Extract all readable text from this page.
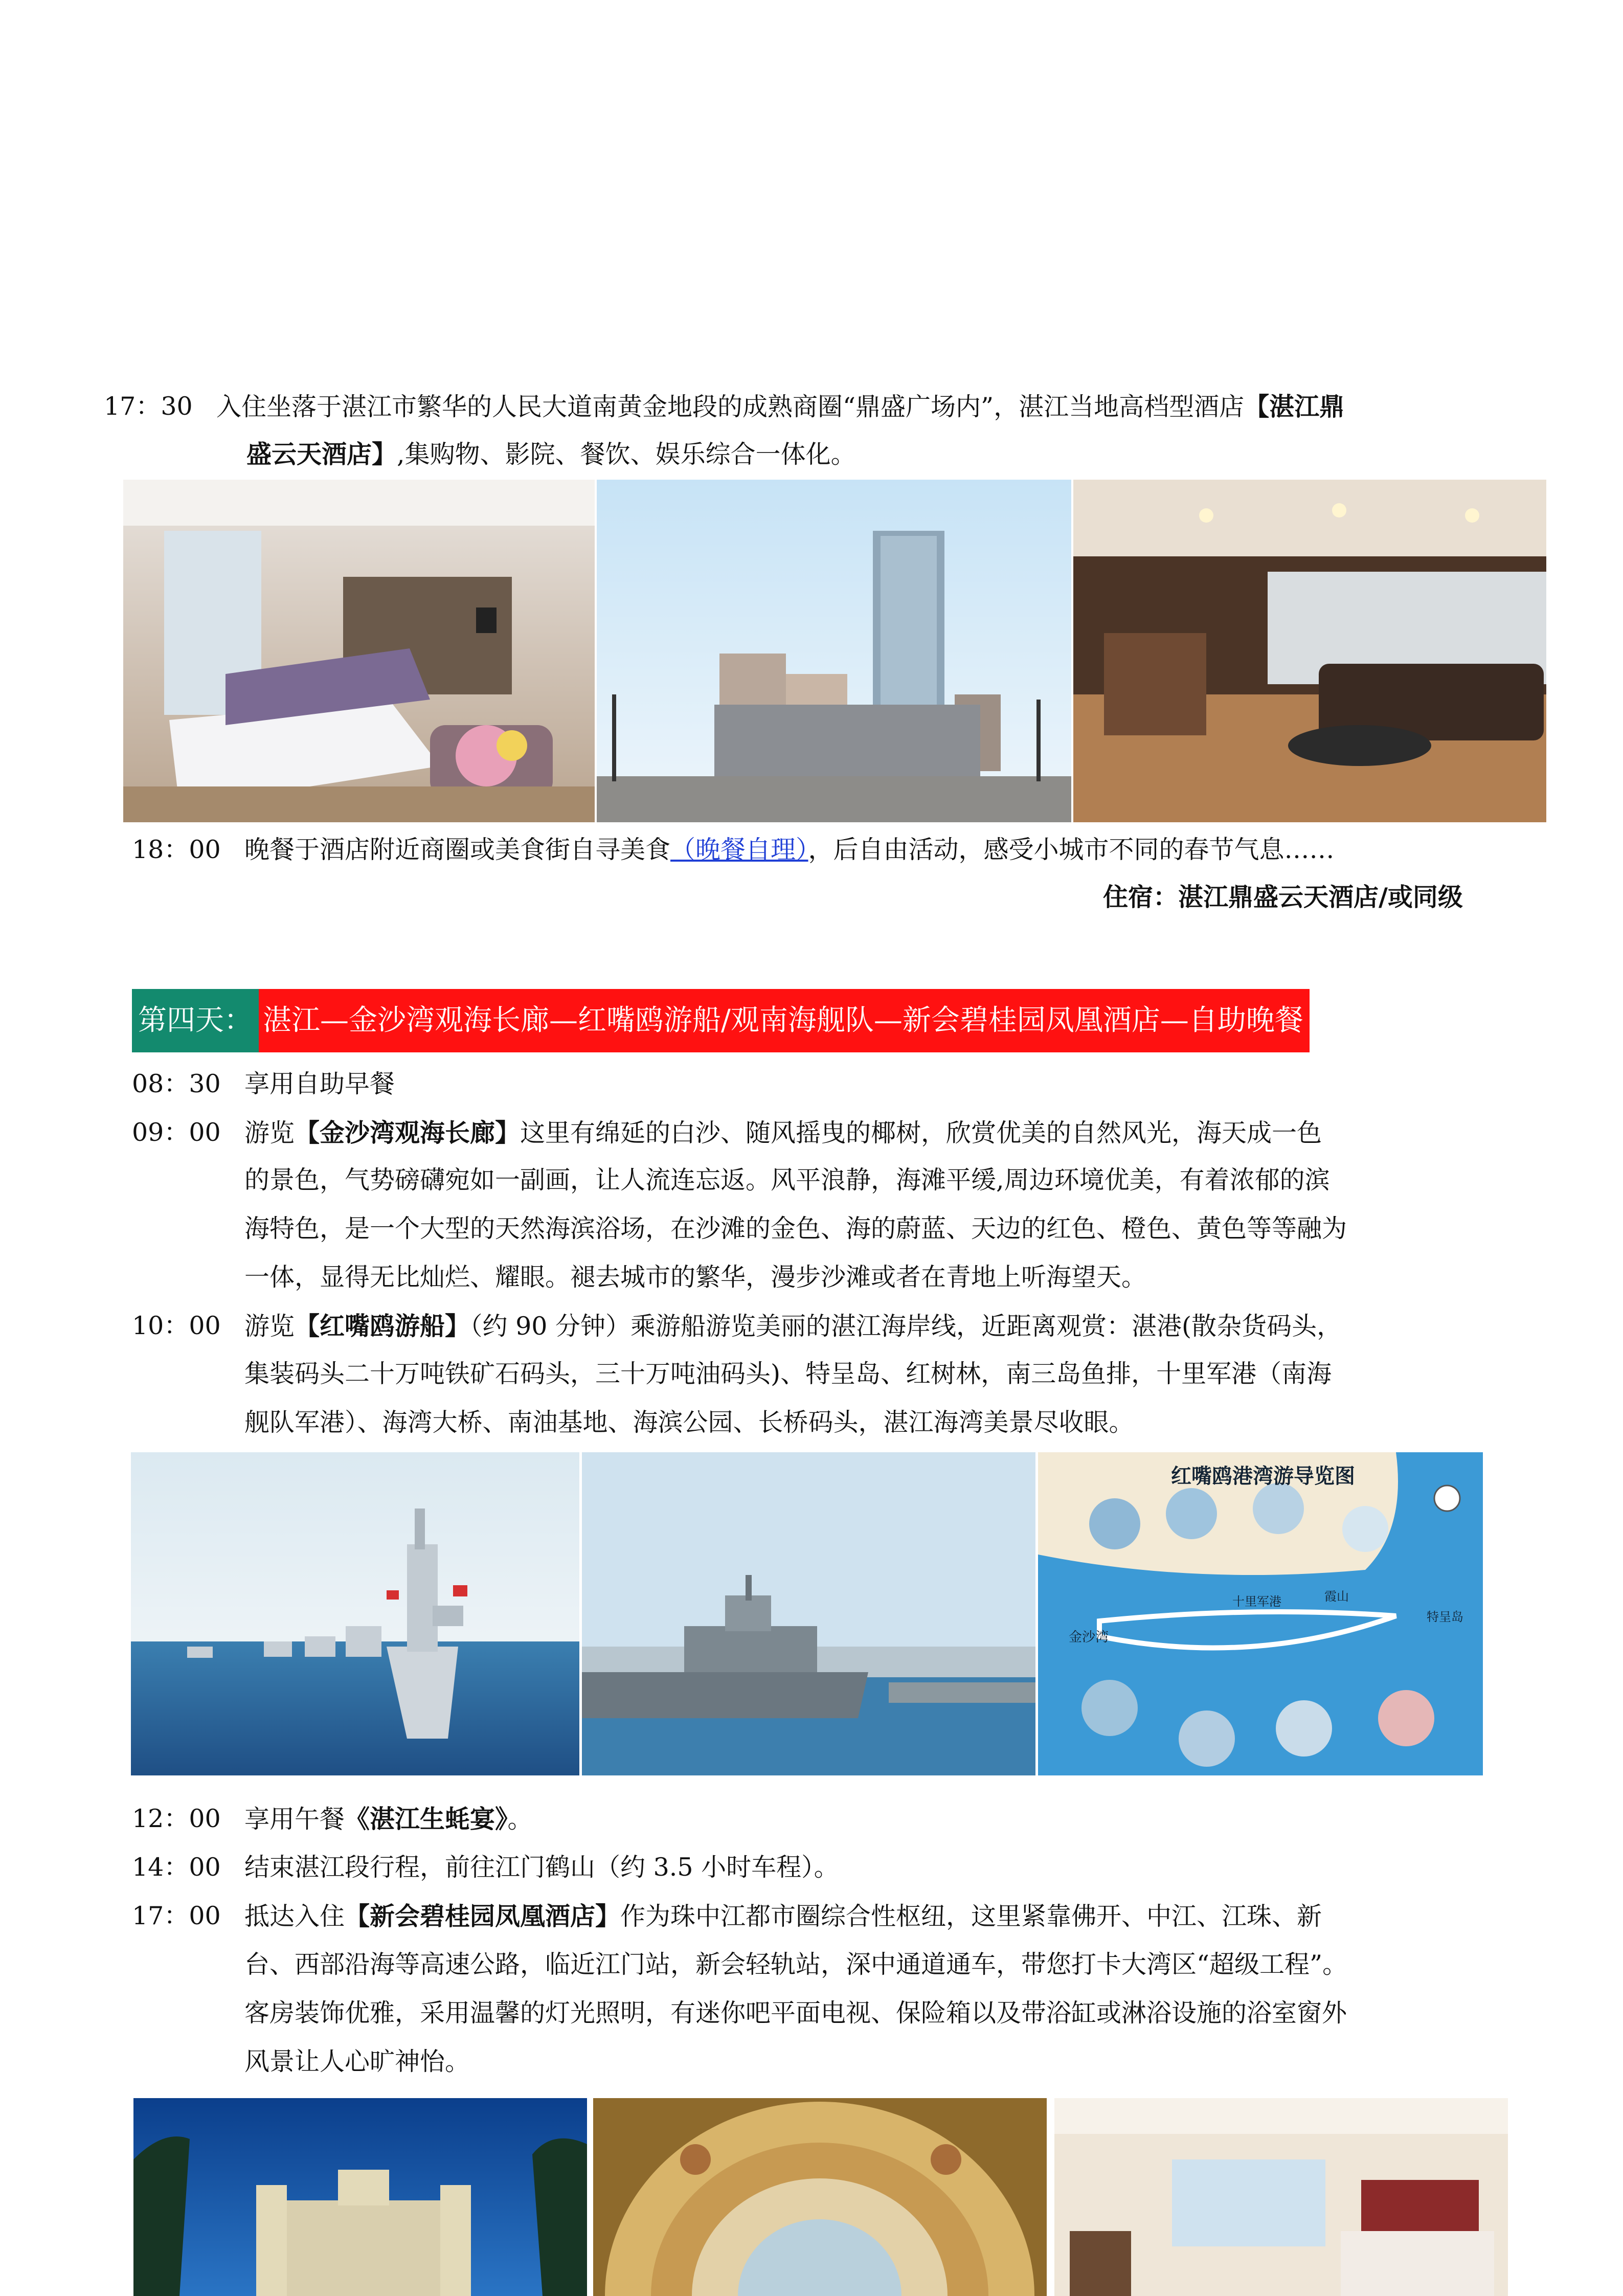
17：30 入住坐落于湛江市繁华的人民大道南黄金地段的成熟商圈“鼎盛广场内”，湛江当地高档型酒店【湛江鼎
盛云天酒店】,集购物、影院、餐饮、娱乐综合一体化。
18：00 晚餐于酒店附近商圈或美食街自寻美食（晚餐自理），后自由活动，感受小城市不同的春节气息……
住宿：湛江鼎盛云天酒店/或同级
第四天： 湛江—金沙湾观海长廊—红嘴鸥游船/观南海舰队—新会碧桂园凤凰酒店—自助晚餐
08：30 享用自助早餐
09：00 游览【金沙湾观海长廊】这里有绵延的白沙、随风摇曳的椰树，欣赏优美的自然风光，海天成一色
的景色，气势磅礴宛如一副画，让人流连忘返。风平浪静，海滩平缓,周边环境优美，有着浓郁的滨
海特色，是一个大型的天然海滨浴场，在沙滩的金色、海的蔚蓝、天边的红色、橙色、黄色等等融为
一体，显得无比灿烂、耀眼。褪去城市的繁华，漫步沙滩或者在青地上听海望天。
10：00 游览【红嘴鸥游船】（约 90 分钟）乘游船游览美丽的湛江海岸线，近距离观赏：湛港(散杂货码头，
集装码头二十万吨铁矿石码头，三十万吨油码头)、特呈岛、红树林，南三岛鱼排，十里军港（南海
舰队军港）、海湾大桥、南油基地、海滨公园、长桥码头，湛江海湾美景尽收眼。
红嘴鸥港湾游导览图
金沙湾
十里军港	霞山
特呈岛
12：00 享用午餐《湛江生蚝宴》。
14：00 结束湛江段行程，前往江门鹤山（约 3.5 小时车程）。
17：00 抵达入住【新会碧桂园凤凰酒店】作为珠中江都市圈综合性枢纽，这里紧靠佛开、中江、江珠、新
台、西部沿海等高速公路，临近江门站，新会轻轨站，深中通道通车，带您打卡大湾区“超级工程”。
客房装饰优雅，采用温馨的灯光照明，有迷你吧平面电视、保险箱以及带浴缸或淋浴设施的浴室窗外
风景让人心旷神怡。
